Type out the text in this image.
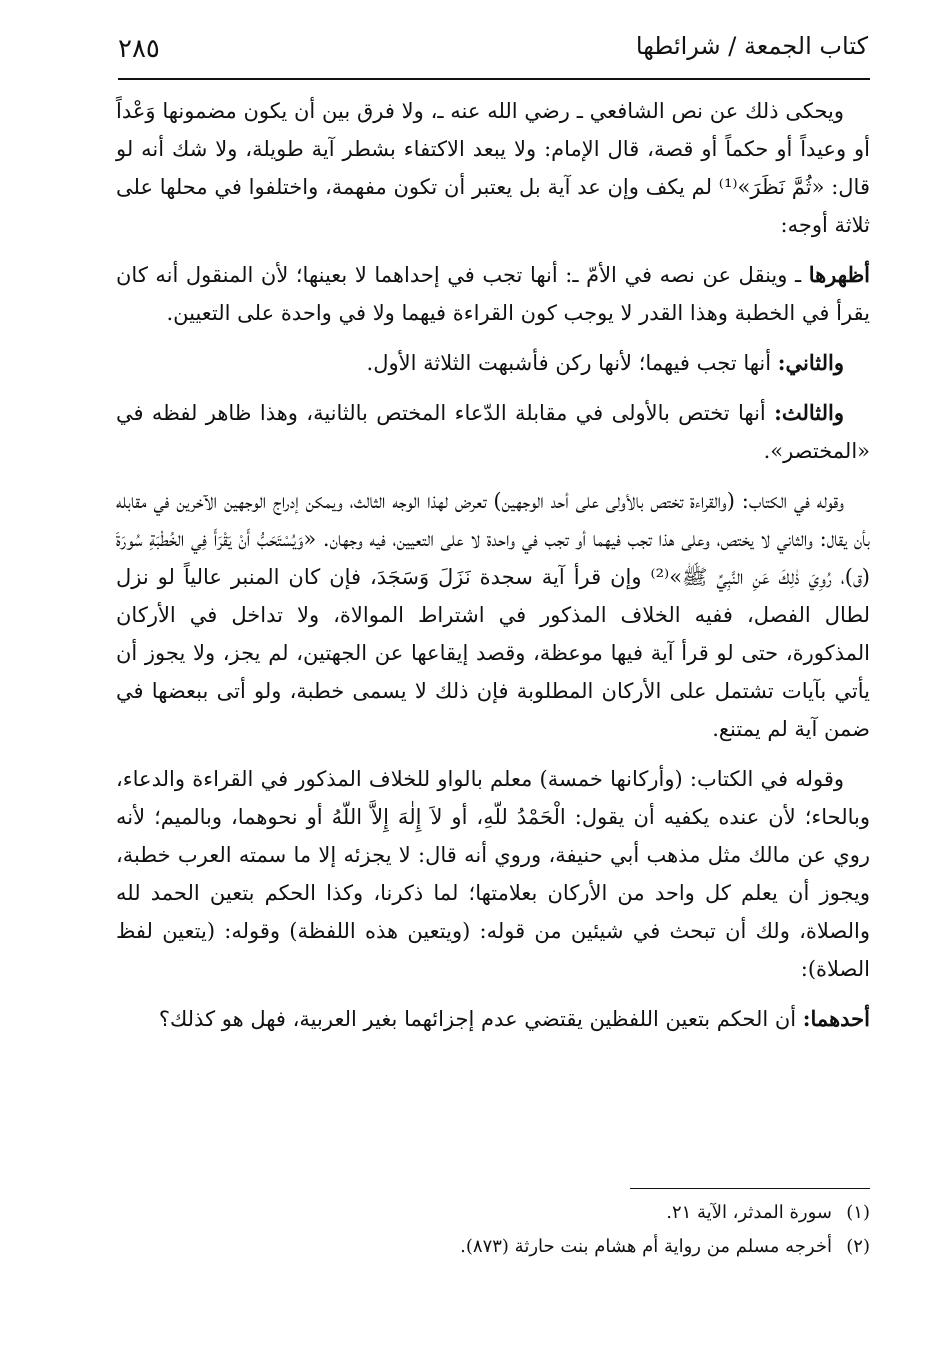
٢٨٥	كتاب الجمعة / شرائطها

ويحكى ذلك عن نص الشافعي ـ رضي الله عنه ـ، ولا فرق بين أن يكون مضمونها وَعْداً أو وعيداً أو حكماً أو قصة، قال الإمام: ولا يبعد الاكتفاء بشطر آية طويلة، ولا شك أنه لو قال: «ثُمَّ نَظَرَ»⁽¹⁾ لم يكف وإن عد آية بل يعتبر أن تكون مفهمة، واختلفوا في محلها على ثلاثة أوجه:

أظهرها ـ وينقل عن نصه في الأمّ ـ: أنها تجب في إحداهما لا بعينها؛ لأن المنقول أنه كان يقرأ في الخطبة وهذا القدر لا يوجب كون القراءة فيهما ولا في واحدة على التعيين.

والثاني: أنها تجب فيهما؛ لأنها ركن فأشبهت الثلاثة الأول.

والثالث: أنها تختص بالأولى في مقابلة الدّعاء المختص بالثانية، وهذا ظاهر لفظه في «المختصر».

وقوله في الكتاب: (والقراءة تختص بالأولى على أحد الوجهين) تعرض لهذا الوجه الثالث، ويمكن إدراج الوجهين الآخرين في مقابله بأن يقال: والثاني لا يختص، وعلى هذا تجب فيهما أو تجب في واحدة لا على التعيين، فيه وجهان. «وَيُسْتَحَبُّ أَنْ يَقْرَأَ فِي الخُطْبَةِ سُورَةَ (ق)، رُوِيَ ذٰلِكَ عَنِ النَّبِيِّ ﷺ»⁽²⁾ وإن قرأ آية سجدة نَزَلَ وَسَجَدَ، فإن كان المنبر عالياً لو نزل لطال الفصل، ففيه الخلاف المذكور في اشتراط الموالاة، ولا تداخل في الأركان المذكورة، حتى لو قرأ آية فيها موعظة، وقصد إيقاعها عن الجهتين، لم يجز، ولا يجوز أن يأتي بآيات تشتمل على الأركان المطلوبة فإن ذلك لا يسمى خطبة، ولو أتى ببعضها في ضمن آية لم يمتنع.

وقوله في الكتاب: (وأركانها خمسة) معلم بالواو للخلاف المذكور في القراءة والدعاء، وبالحاء؛ لأن عنده يكفيه أن يقول: الْحَمْدُ للّهِ، أو لاَ إِلٰهَ إِلاَّ اللّهُ أو نحوهما، وبالميم؛ لأنه روي عن مالك مثل مذهب أبي حنيفة، وروي أنه قال: لا يجزئه إلا ما سمته العرب خطبة، ويجوز أن يعلم كل واحد من الأركان بعلامتها؛ لما ذكرنا، وكذا الحكم بتعين الحمد لله والصلاة، ولك أن تبحث في شيئين من قوله: (ويتعين هذه اللفظة) وقوله: (يتعين لفظ الصلاة):

أحدهما: أن الحكم بتعين اللفظين يقتضي عدم إجزائهما بغير العربية، فهل هو كذلك؟

(١)سورة المدثر، الآية ٢١.
(٢)أخرجه مسلم من رواية أم هشام بنت حارثة (٨٧٣).
